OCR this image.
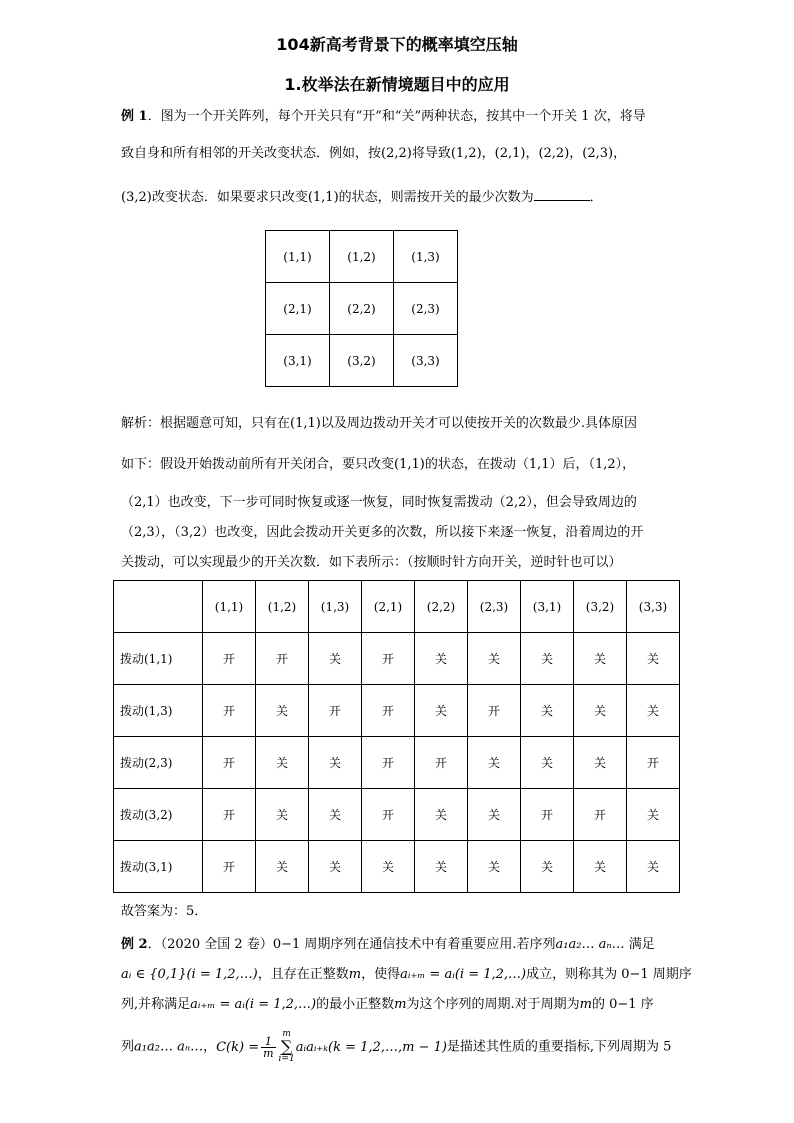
104新高考背景下的概率填空压轴
1.枚举法在新情境题目中的应用
例 1．图为一个开关阵列，每个开关只有“开”和“关”两种状态，按其中一个开关 1 次，将导
致自身和所有相邻的开关改变状态．例如，按(2,2)将导致(1,2)，(2,1)，(2,2)，(2,3)，
(3,2)改变状态．如果要求只改变(1,1)的状态，则需按开关的最少次数为	．
(1,1)	(1,2)	(1,3)
(2,1)	(2,2)	(2,3)
(3,1)	(3,2)	(3,3)
解析：根据题意可知，只有在(1,1)以及周边拨动开关才可以使按开关的次数最少.具体原因
如下：假设开始拨动前所有开关闭合，要只改变(1,1)的状态，在拨动（1,1）后，（1,2），
（2,1）也改变，下一步可同时恢复或逐一恢复，同时恢复需拨动（2,2），但会导致周边的
（2,3），（3,2）也改变，因此会拨动开关更多的次数，所以接下来逐一恢复，沿着周边的开
关拨动，可以实现最少的开关次数．如下表所示：（按顺时针方向开关，逆时针也可以）
	(1,1)	(1,2)	(1,3)	(2,1)	(2,2)	(2,3)	(3,1)	(3,2)	(3,3)
拨动(1,1)	开	开	关	开	关	关	关	关	关
拨动(1,3)	开	关	开	开	关	开	关	关	关
拨动(2,3)	开	关	关	开	开	关	关	关	开
拨动(3,2)	开	关	关	开	关	关	开	开	关
拨动(3,1)	开	关	关	关	关	关	关	关	关
故答案为：5．
例 2．（2020 全国 2 卷）0−1 周期序列在通信技术中有着重要应用.若序列a₁a₂… aₙ… 满足
aᵢ ∈ {0,1}(i = 1,2,…)，且存在正整数m，使得aᵢ₊ₘ = aᵢ(i = 1,2,…)成立，则称其为 0−1 周期序
列,并称满足aᵢ₊ₘ = aᵢ(i = 1,2,…)的最小正整数m为这个序列的周期.对于周期为m的 0−1 序
列a₁a₂… aₙ…，$C(k) = \frac{1}{m}$
m
∑
i=1aᵢaᵢ₊ₖ(k = 1,2,…,m − 1)是描述其性质的重要指标,下列周期为 5
